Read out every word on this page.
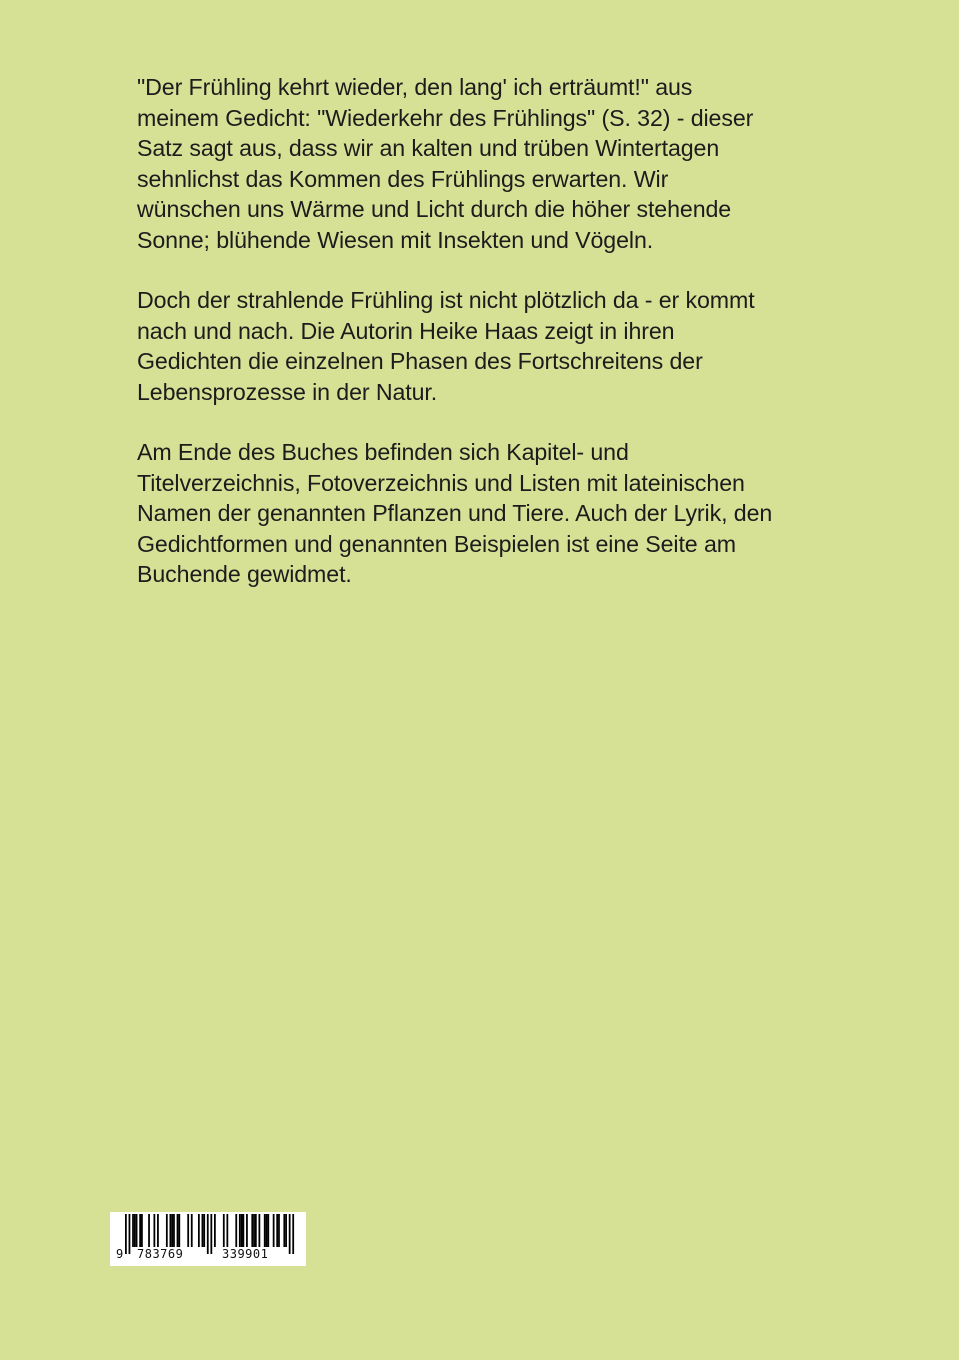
"Der Frühling kehrt wieder, den lang' ich erträumt!" aus
meinem Gedicht: "Wiederkehr des Frühlings" (S. 32) - dieser
Satz sagt aus, dass wir an kalten und trüben Wintertagen
sehnlichst das Kommen des Frühlings erwarten. Wir
wünschen uns Wärme und Licht durch die höher stehende
Sonne; blühende Wiesen mit Insekten und Vögeln.

Doch der strahlende Frühling ist nicht plötzlich da - er kommt
nach und nach. Die Autorin Heike Haas zeigt in ihren
Gedichten die einzelnen Phasen des Fortschreitens der
Lebensprozesse in der Natur.

Am Ende des Buches befinden sich Kapitel- und
Titelverzeichnis, Fotoverzeichnis und Listen mit lateinischen
Namen der genannten Pflanzen und Tiere. Auch der Lyrik, den
Gedichtformen und genannten Beispielen ist eine Seite am
Buchende gewidmet.

9 783769	339901
